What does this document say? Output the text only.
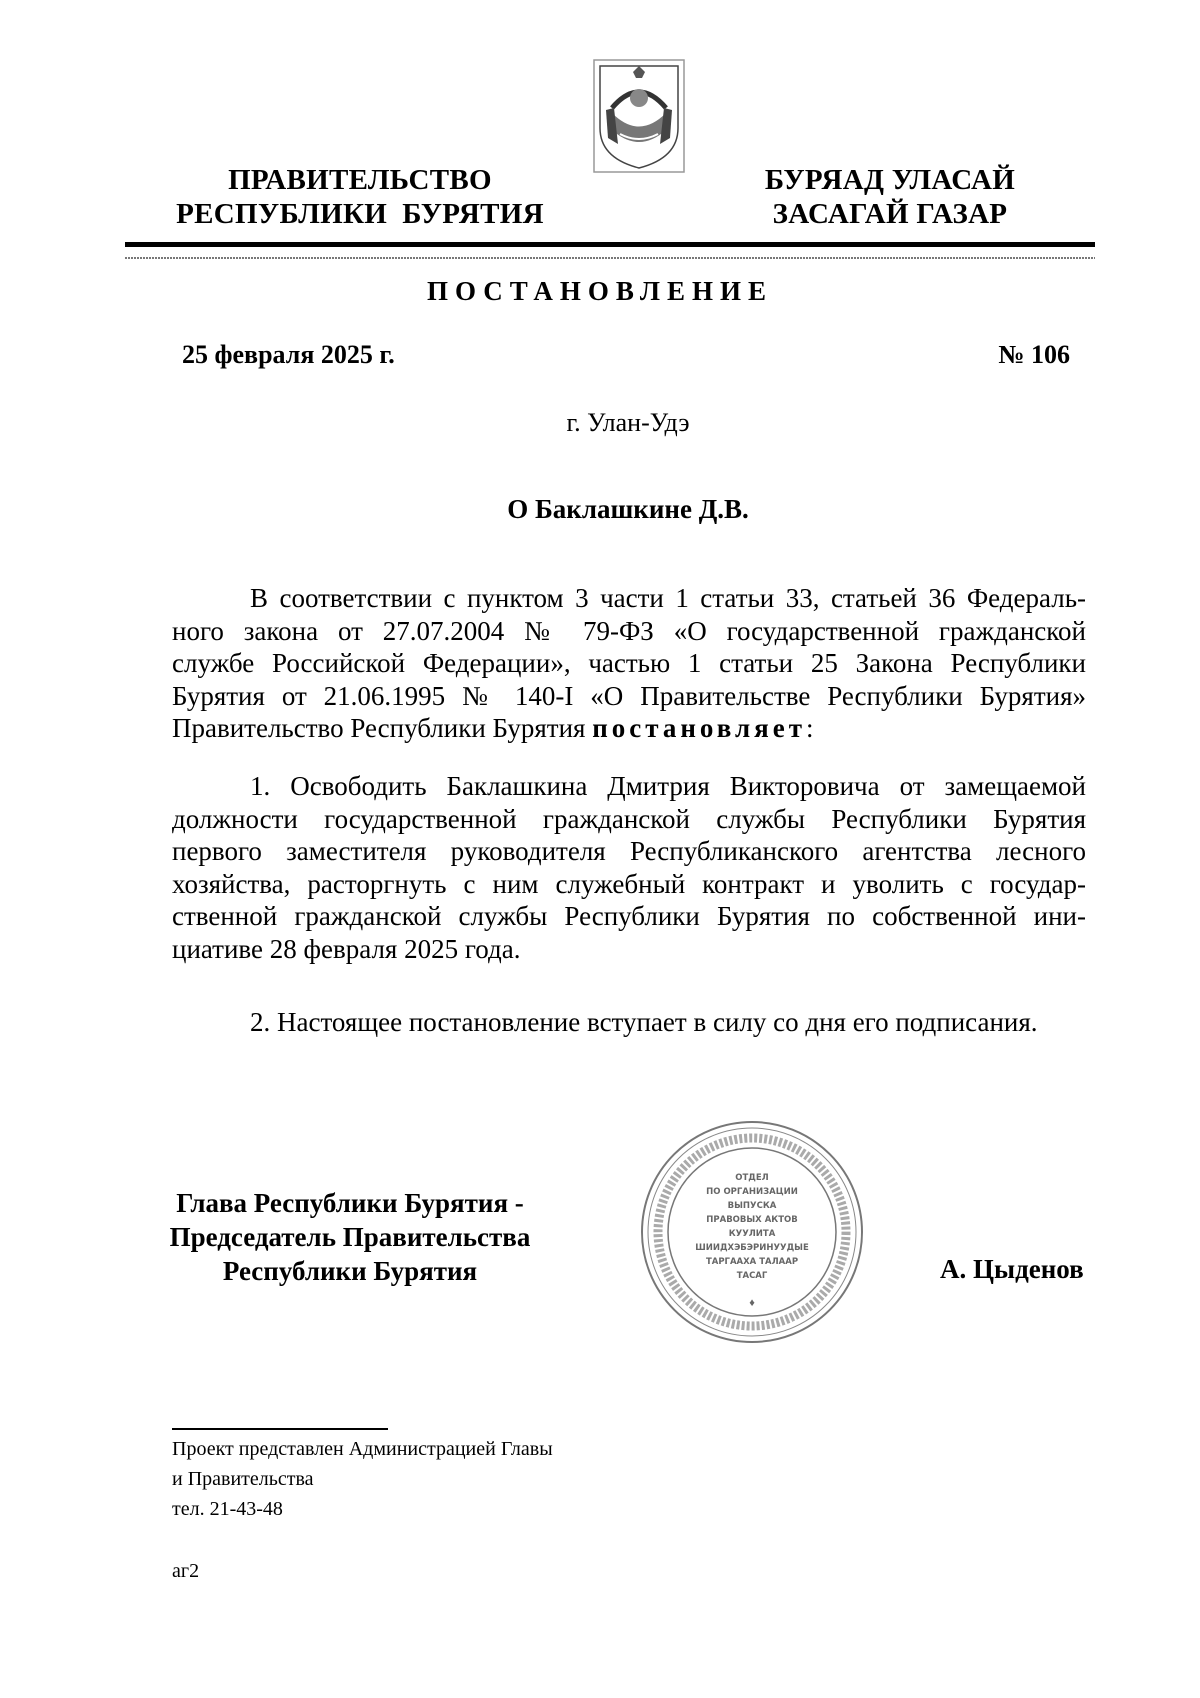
ПРАВИТЕЛЬСТВО
РЕСПУБЛИКИ  БУРЯТИЯ
БУРЯАД УЛАСАЙ
ЗАСАГАЙ ГАЗАР
ПОСТАНОВЛЕНИЕ
25 февраля 2025 г.	№ 106
г. Улан-Удэ
О Баклашкине Д.В.
В соответствии с пунктом 3 части 1 статьи 33, статьей 36 Федераль-
ного закона от 27.07.2004 № 79-ФЗ «О государственной гражданской
службе Российской Федерации», частью 1 статьи 25 Закона Республики
Бурятия от 21.06.1995 № 140-I «О Правительстве Республики Бурятия»
Правительство Республики Бурятия постановляет:
1. Освободить Баклашкина Дмитрия Викторовича от замещаемой
должности государственной гражданской службы Республики Бурятия
первого заместителя руководителя Республиканского агентства лесного
хозяйства, расторгнуть с ним служебный контракт и уволить с государ-
ственной гражданской службы Республики Бурятия по собственной ини-
циативе 28 февраля 2025 года.
2. Настоящее постановление вступает в силу со дня его подписания.
Глава Республики Бурятия -
Председатель Правительства
Республики Бурятия
ОТДЕЛ
ПО ОРГАНИЗАЦИИ
ВЫПУСКА
ПРАВОВЫХ АКТОВ
КУУЛИТА
ШИИДХЭБЭРИНУУДЫЕ
ТАРГААХА ТАЛААР
ТАСАГ
♦
А. Цыденов
Проект представлен Администрацией Главы
и Правительства
тел. 21-43-48
аг2
